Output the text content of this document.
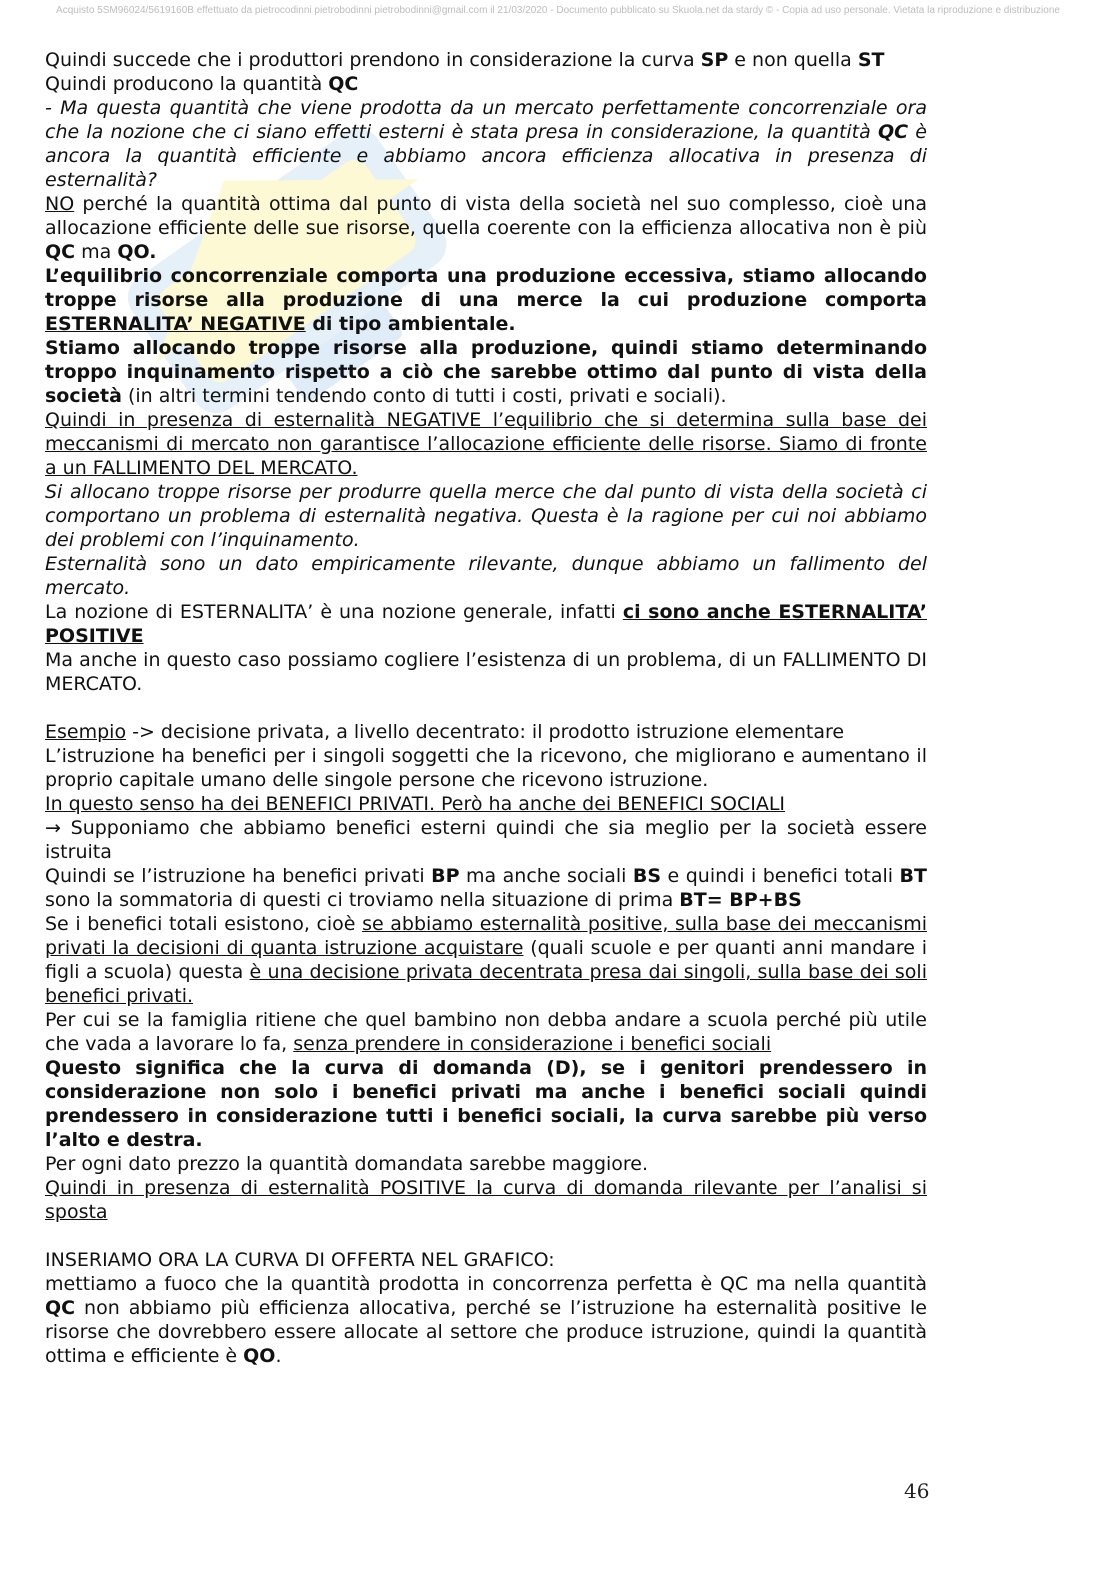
Acquisto 5SM96024/5619160B effettuato da pietrocodinni pietrobodinni pietrobodinni@gmail.com il 21/03/2020 - Documento pubblicato su Skuola.net da stardy © - Copia ad uso personale. Vietata la riproduzione e distribuzione

Quindi succede che i produttori prendono in considerazione la curva SP e non quella ST

Quindi producono la quantità QC

- Ma questa quantità che viene prodotta da un mercato perfettamente concorrenziale ora che la nozione che ci siano effetti esterni è stata presa in considerazione, la quantità QC è ancora la quantità efficiente e abbiamo ancora efficienza allocativa in presenza di esternalità?

NO perché la quantità ottima dal punto di vista della società nel suo complesso, cioè una allocazione efficiente delle sue risorse, quella coerente con la efficienza allocativa non è più QC ma QO.

L’equilibrio concorrenziale comporta una produzione eccessiva, stiamo allocando troppe risorse alla produzione di una merce la cui produzione comporta ESTERNALITA’ NEGATIVE di tipo ambientale.

Stiamo allocando troppe risorse alla produzione, quindi stiamo determinando troppo inquinamento rispetto a ciò che sarebbe ottimo dal punto di vista della società (in altri termini tendendo conto di tutti i costi, privati e sociali).

Quindi in presenza di esternalità NEGATIVE l’equilibrio che si determina sulla base dei meccanismi di mercato non garantisce l’allocazione efficiente delle risorse. Siamo di fronte a un FALLIMENTO DEL MERCATO.

Si allocano troppe risorse per produrre quella merce che dal punto di vista della società ci comportano un problema di esternalità negativa. Questa è la ragione per cui noi abbiamo dei problemi con l’inquinamento.

Esternalità sono un dato empiricamente rilevante, dunque abbiamo un fallimento del mercato.

La nozione di ESTERNALITA’ è una nozione generale, infatti ci sono anche ESTERNALITA’ POSITIVE

Ma anche in questo caso possiamo cogliere l’esistenza di un problema, di un FALLIMENTO DI MERCATO.

Esempio -> decisione privata, a livello decentrato: il prodotto istruzione elementare

L’istruzione ha benefici per i singoli soggetti che la ricevono, che migliorano e aumentano il proprio capitale umano delle singole persone che ricevono istruzione.

In questo senso ha dei BENEFICI PRIVATI. Però ha anche dei BENEFICI SOCIALI

→ Supponiamo che abbiamo benefici esterni quindi che sia meglio per la società essere istruita

Quindi se l’istruzione ha benefici privati BP ma anche sociali BS e quindi i benefici totali BT sono la sommatoria di questi ci troviamo nella situazione di prima BT= BP+BS

Se i benefici totali esistono, cioè se abbiamo esternalità positive, sulla base dei meccanismi privati la decisioni di quanta istruzione acquistare (quali scuole e per quanti anni mandare i figli a scuola) questa è una decisione privata decentrata presa dai singoli, sulla base dei soli benefici privati.

Per cui se la famiglia ritiene che quel bambino non debba andare a scuola perché più utile che vada a lavorare lo fa, senza prendere in considerazione i benefici sociali

Questo significa che la curva di domanda (D), se i genitori prendessero in considerazione non solo i benefici privati ma anche i benefici sociali quindi prendessero in considerazione tutti i benefici sociali, la curva sarebbe più verso l’alto e destra.

Per ogni dato prezzo la quantità domandata sarebbe maggiore.

Quindi in presenza di esternalità POSITIVE la curva di domanda rilevante per l’analisi si sposta

INSERIAMO ORA LA CURVA DI OFFERTA NEL GRAFICO:

mettiamo a fuoco che la quantità prodotta in concorrenza perfetta è QC ma nella quantità QC non abbiamo più efficienza allocativa, perché se l’istruzione ha esternalità positive le risorse che dovrebbero essere allocate al settore che produce istruzione, quindi la quantità ottima e efficiente è QO.

46
